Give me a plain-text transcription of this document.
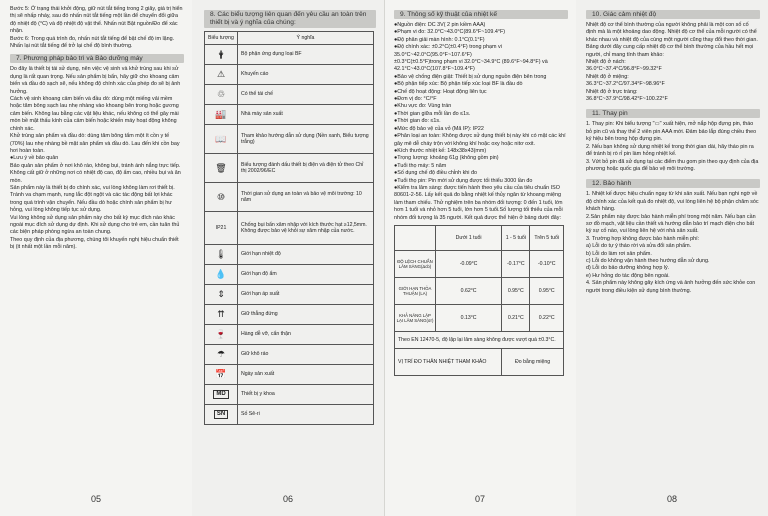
Bước 5: Ở trạng thái khởi động, giữ nút tắt tiếng trong 2 giây, giá trị hiển thị sẽ nhấp nháy, sau đó nhấn nút tắt tiếng một lần để chuyển đổi giữa độ nhiệt độ (°C) và độ nhiệt độ vật thể. Nhấn nút Bật nguồn/Đo để xác nhận.

Bước 6: Trong quá trình đo, nhấn nút tắt tiếng để bật chế độ im lặng. Nhấn lại nút tắt tiếng để trở lại chế độ bình thường.

7. Phương pháp bảo trì và Bảo dưỡng máy

Do đây là thiết bị tái sử dụng, nên việc vệ sinh và khử trùng sau khi sử dụng là rất quan trọng. Nếu sản phẩm bị bẩn, hãy giữ cho khoang cảm biến và đầu dò sạch sẽ, nếu không độ chính xác của phép đo sẽ bị ảnh hưởng.

Cách vệ sinh khoang cảm biến và đầu dò: dùng một miếng vải mềm hoặc tăm bông sạch lau nhẹ nhàng vào khoang bên trong hoặc gương cảm biến. Không lau bằng các vật liệu khác, nếu không có thể gây mài mòn bề mặt thấu kính của cảm biến hoặc khiến máy hoạt động không chính xác.

Khử trùng sản phẩm và đầu dò: dùng tăm bông tẩm một ít cồn y tế (70%) lau nhẹ nhàng bề mặt sản phẩm và đầu dò. Lau đến khi cồn bay hơi hoàn toàn.

●Lưu ý về bảo quản

Bảo quản sản phẩm ở nơi khô ráo, không bụi, tránh ánh nắng trực tiếp. Không cất giữ ở những nơi có nhiệt độ cao, độ ẩm cao, nhiều bụi và ăn mòn.

Sản phẩm này là thiết bị đo chính xác, vui lòng không làm rơi thiết bị. Tránh va chạm mạnh, rung lắc đột ngột và các tác động bất lợi khác trong quá trình vận chuyển. Nếu đầu dò hoặc chính sản phẩm bị hư hỏng, vui lòng không tiếp tục sử dụng.

Vui lòng không sử dụng sản phẩm này cho bất kỳ mục đích nào khác ngoài mục đích sử dụng dự định. Khi sử dụng cho trẻ em, cần tuân thủ các biện pháp phòng ngừa an toàn chung.

Theo quy định của địa phương, chúng tôi khuyến nghị hiệu chuẩn thiết bị (it nhất một lần mỗi năm).

05
8. Các biểu tượng liên quan đến yêu cầu an toàn trên thiết bị và ý nghĩa của chúng:
Biểu tượng	Ý nghĩa
🛉	Bộ phận ứng dụng loại BF
⚠	Khuyến cáo
♲	Có thể tái chế
🏭	Nhà máy sản xuất
📖	Tham khảo hướng dẫn sử dụng (Nền xanh, Biểu tượng trắng)
🗑	Biểu tượng đánh dấu thiết bị điện và điện tử theo Chỉ thị 2002/96/EC
⑩	Thời gian sử dụng an toàn và bảo vệ môi trường: 10 năm
IP21	Chống bụi bẩn xâm nhập với kích thước hạt ≥12,5mm. Không được bảo vệ khỏi sự xâm nhập của nước.
🌡	Giới hạn nhiệt độ
💧	Giới hạn độ ẩm
⇕	Giới hạn áp suất
⇈	Giữ thẳng đứng
🍷	Hàng dễ vỡ, cẩn thận
☂	Giữ khô ráo
📅	Ngày sản xuất
MD	Thiết bị y khoa
SN	Số Sê-ri
06
9. Thông số kỹ thuật của nhiệt kế

●Nguồn điện: DC 3V( 2 pin kiềm AAA)

●Phạm vi đo: 32.0°C~43.0°C(89.6°F~109.4°F)

●Độ phân giải màn hình: 0.1°C(0.1°F)

●Độ chính xác: ±0.2°C(±0.4°F) trong phạm vi 35.0°C~42.0°C(95.0°F~107.6°F)

±0.3°C(±0.5°F)trong phạm vi 32.0°C~34.9°C (89.6°F~94.8°F) và 42.1°C~43.0°C(107.8°F~109.4°F)

●Bảo vệ chống điện giật: Thiết bị sử dụng nguồn điện bên trong

●Bộ phận tiếp xúc: Bộ phận tiếp xúc loại BF là đầu dò

●Chế độ hoạt động: Hoạt động liên tục

●Đơn vị đo: °C/°F

●Khu vực đo: Vùng trán

●Thời gian giữa mỗi lần đo ≤1s.

●Thời gian đo: ≤1s.

●Mức độ bảo vệ của vỏ (Mã IP): IP22

●Phân loại an toàn: Không được sử dụng thiết bị này khi có mặt các khí gây mê dễ cháy trộn với không khí hoặc oxy hoặc nitơ oxit.

●Kích thước nhiệt kế: 148x38x43(mm)

●Trọng lượng: khoảng 61g (không gồm pin)

●Tuổi thọ máy: 5 năm

●Số dụng chế độ điều chỉnh khi đo

●Tuổi thọ pin: Pin mới sử dụng được tối thiểu 3000 lần đo

●Kiểm tra lâm sàng: được tiến hành theo yêu cầu của tiêu chuẩn ISO 80601-2-56. Lấy kết quả đo bằng nhiệt kế thủy ngân từ khoang miệng làm tham chiếu. Thử nghiệm trên ba nhóm đối tượng: 0 đến 1 tuổi, lớn hơn 1 tuổi và nhỏ hơn 5 tuổi, lớn hơn 5 tuổi.Số lượng tối thiểu của mỗi nhóm đối tượng là 35 người. Kết quả được thể hiện ở bảng dưới đây:

	Dưới 1 tuổi	1 - 5 tuổi	Trên 5 tuổi
ĐỘ LỆCH CHUẨN LÂM SÀNG(Δcb)	-0.09°C	-0.17°C	-0.10°C
GIỚI HẠN THỎA THUẬN (LA)	0.62°C	0.95°C	0.95°C
KHẢ NĂNG LẶP LẠI LÂM SÀNG(σr)	0.13°C	0.21°C	0.22°C
Theo EN 12470-5, độ lặp lại lâm sàng không được vượt quá ±0.3°C.			
VỊ TRÍ ĐO THÂN NHIỆT THAM KHẢO		Đo bằng miệng	
07
10. Giác cảm nhiệt độ

Nhiệt độ cơ thể bình thường của người không phải là một con số cố định mà là một khoảng dao động. Nhiệt độ cơ thể của mỗi người có thể khác nhau và nhiệt độ của cùng một người cũng thay đổi theo thời gian. Bảng dưới đây cung cấp nhiệt độ cơ thể bình thường của hầu hết mọi người, chỉ mang tính tham khảo:

Nhiệt độ ở nách:

36.0°C~37.4°C/96.8°F~99.32°F

Nhiệt độ ở miệng:

36.3°C~37.2°C/97.34°F~98.96°F

Nhiệt độ ở trực tràng:

36.8°C~37.9°C/98.42°F~100.22°F

11. Thay pin

1. Thay pin: Khi biểu tượng "▭" xuất hiện, mở nắp hộp đựng pin, tháo bỏ pin cũ và thay thế 2 viên pin AAA mới. Đảm bảo lắp đúng chiều theo ký hiệu bên trong hộp đựng pin.

2. Nếu bạn không sử dụng nhiệt kế trong thời gian dài, hãy tháo pin ra để tránh bị rò rỉ pin làm hỏng nhiệt kế.

3. Vứt bỏ pin đã sử dụng tại các điểm thu gom pin theo quy định của địa phương hoặc quốc gia để bảo vệ môi trường.

12. Bảo hành

1. Nhiệt kế được hiệu chuẩn ngay từ khi sản xuất. Nếu bạn nghi ngờ về độ chính xác của kết quả đo nhiệt độ, vui lòng liên hệ bộ phận chăm sóc khách hàng.

2.Sản phẩm này được bảo hành miễn phí trong một năm. Nếu bạn cần sơ đồ mạch, vật liệu cần thiết và hướng dẫn bảo trì mạch điện cho bất kỳ sự cố nào, vui lòng liên hệ với nhà sản xuất.

3. Trường hợp không được bảo hành miễn phí:

a) Lỗi do tự ý tháo rời và sửa đổi sản phẩm.

b) Lỗi do làm rơi sản phẩm.

c) Lỗi do không vận hành theo hướng dẫn sử dụng.

d) Lỗi do bảo dưỡng không hợp lý.

e) Hư hỏng do tác động bên ngoài.

4. Sản phẩm này không gây kích ứng và ảnh hưởng đến sức khỏe con người trong điều kiện sử dụng bình thường.

08
